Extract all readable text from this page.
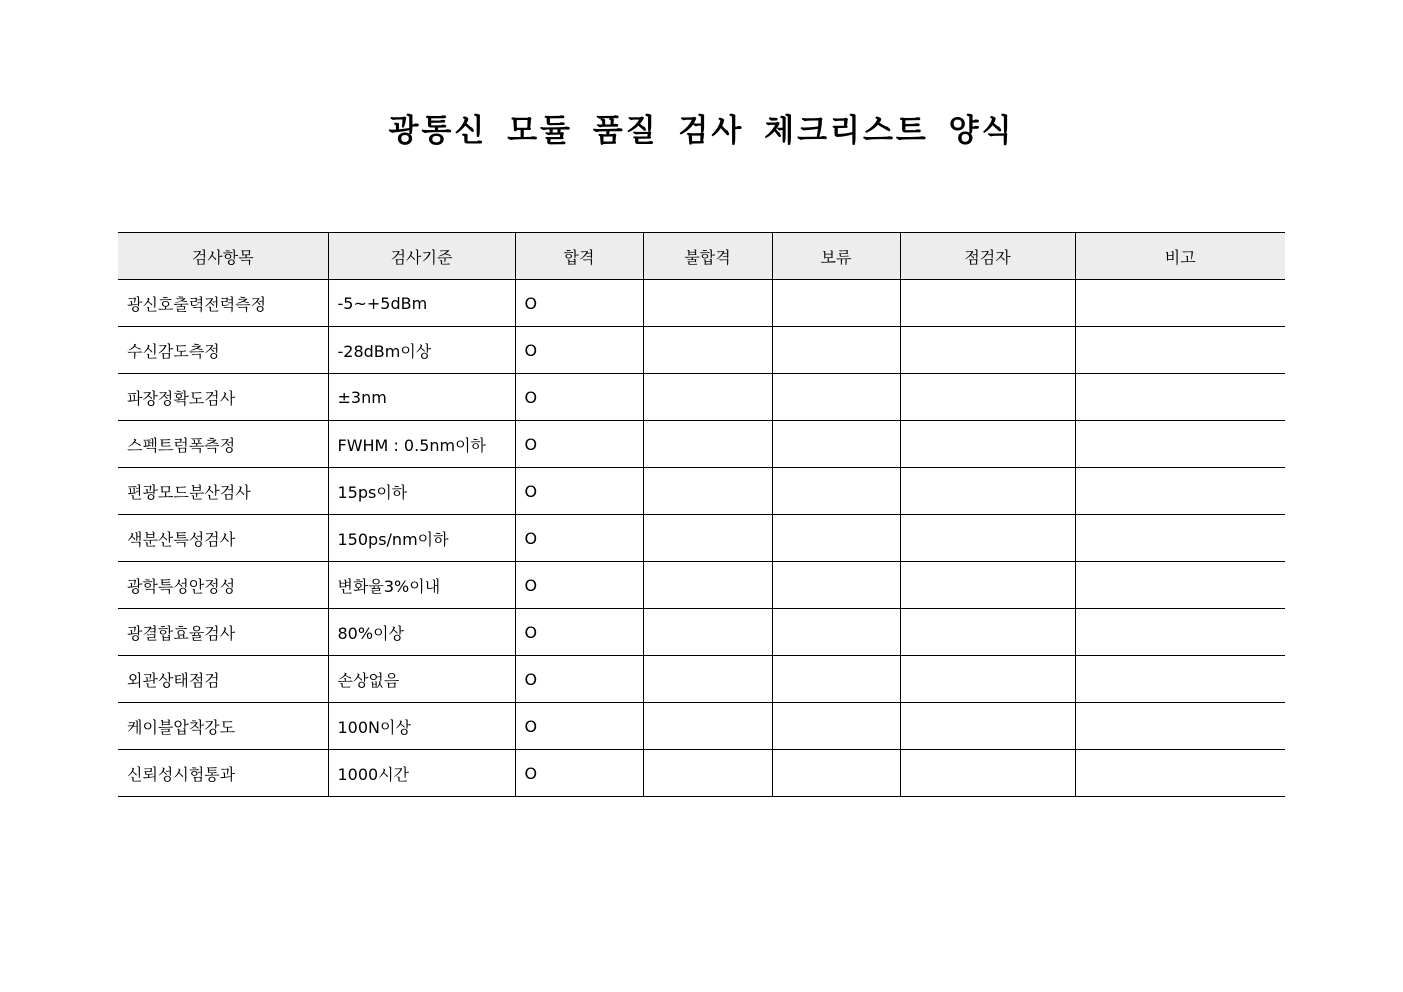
광통신 모듈 품질 검사 체크리스트 양식
검사항목	검사기준	합격	불합격	보류	점검자	비고
광신호출력전력측정	-5~+5dBm	O				
수신감도측정	-28dBm이상	O				
파장정확도검사	±3nm	O				
스펙트럼폭측정	FWHM : 0.5nm이하	O				
편광모드분산검사	15ps이하	O				
색분산특성검사	150ps/nm이하	O				
광학특성안정성	변화율3%이내	O				
광결합효율검사	80%이상	O				
외관상태점검	손상없음	O				
케이블압착강도	100N이상	O				
신뢰성시험통과	1000시간	O				
